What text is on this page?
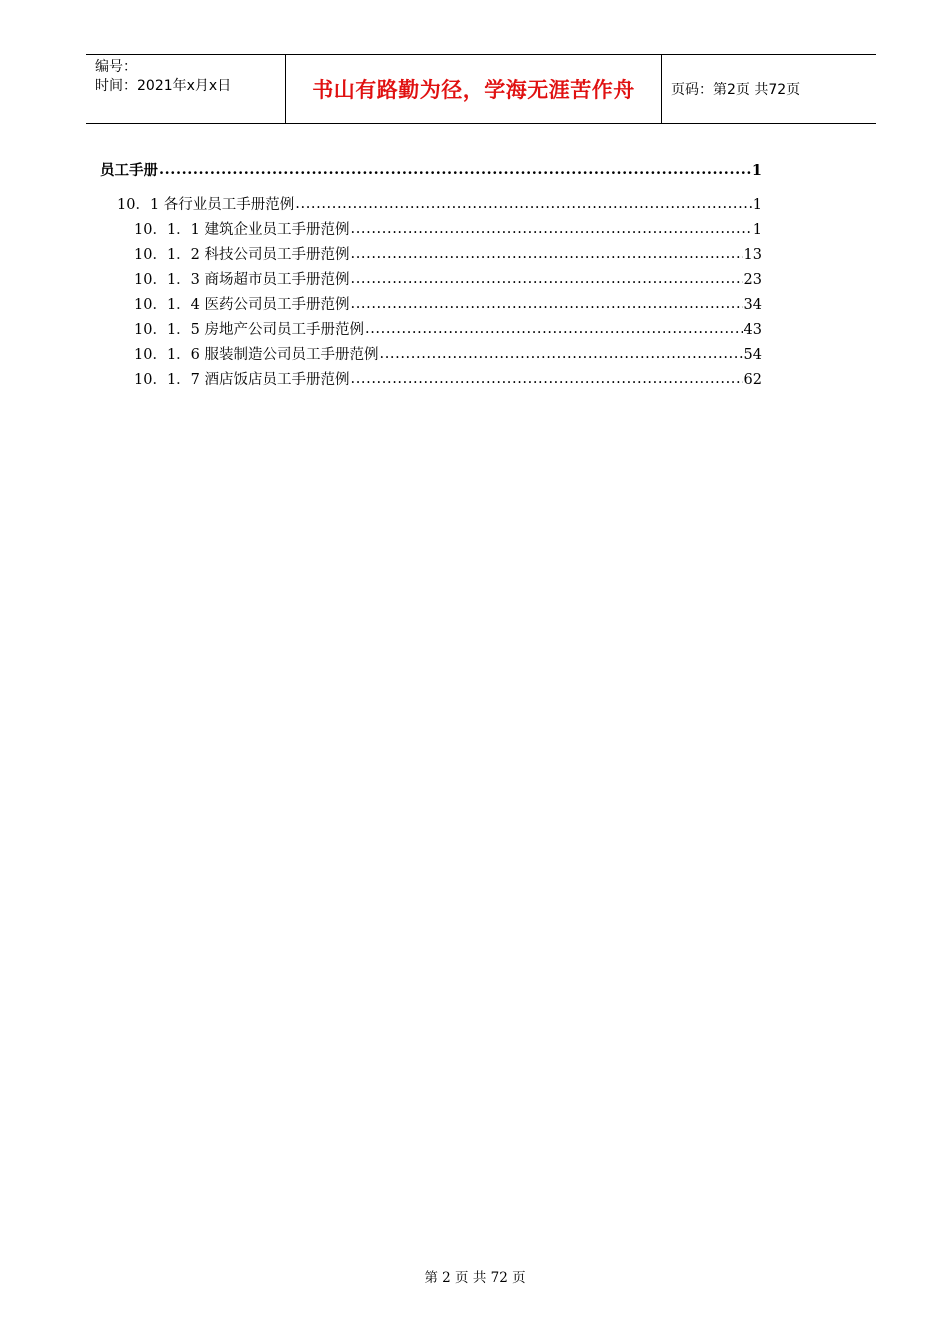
编号：
时间：2021年x月x日	书山有路勤为径，学海无涯苦作舟	页码：第2页 共72页
员工手册 .....	1
10．1 各行业员工手册范例 .....	1
10．1．1 建筑企业员工手册范例 .....	1
10．1．2 科技公司员工手册范例 .....	13
10．1．3 商场超市员工手册范例 .....	23
10．1．4 医药公司员工手册范例 .....	34
10．1．5 房地产公司员工手册范例 .....	43
10．1．6 服装制造公司员工手册范例 .....	54
10．1．7 酒店饭店员工手册范例 .....	62
第 2 页 共 72 页
